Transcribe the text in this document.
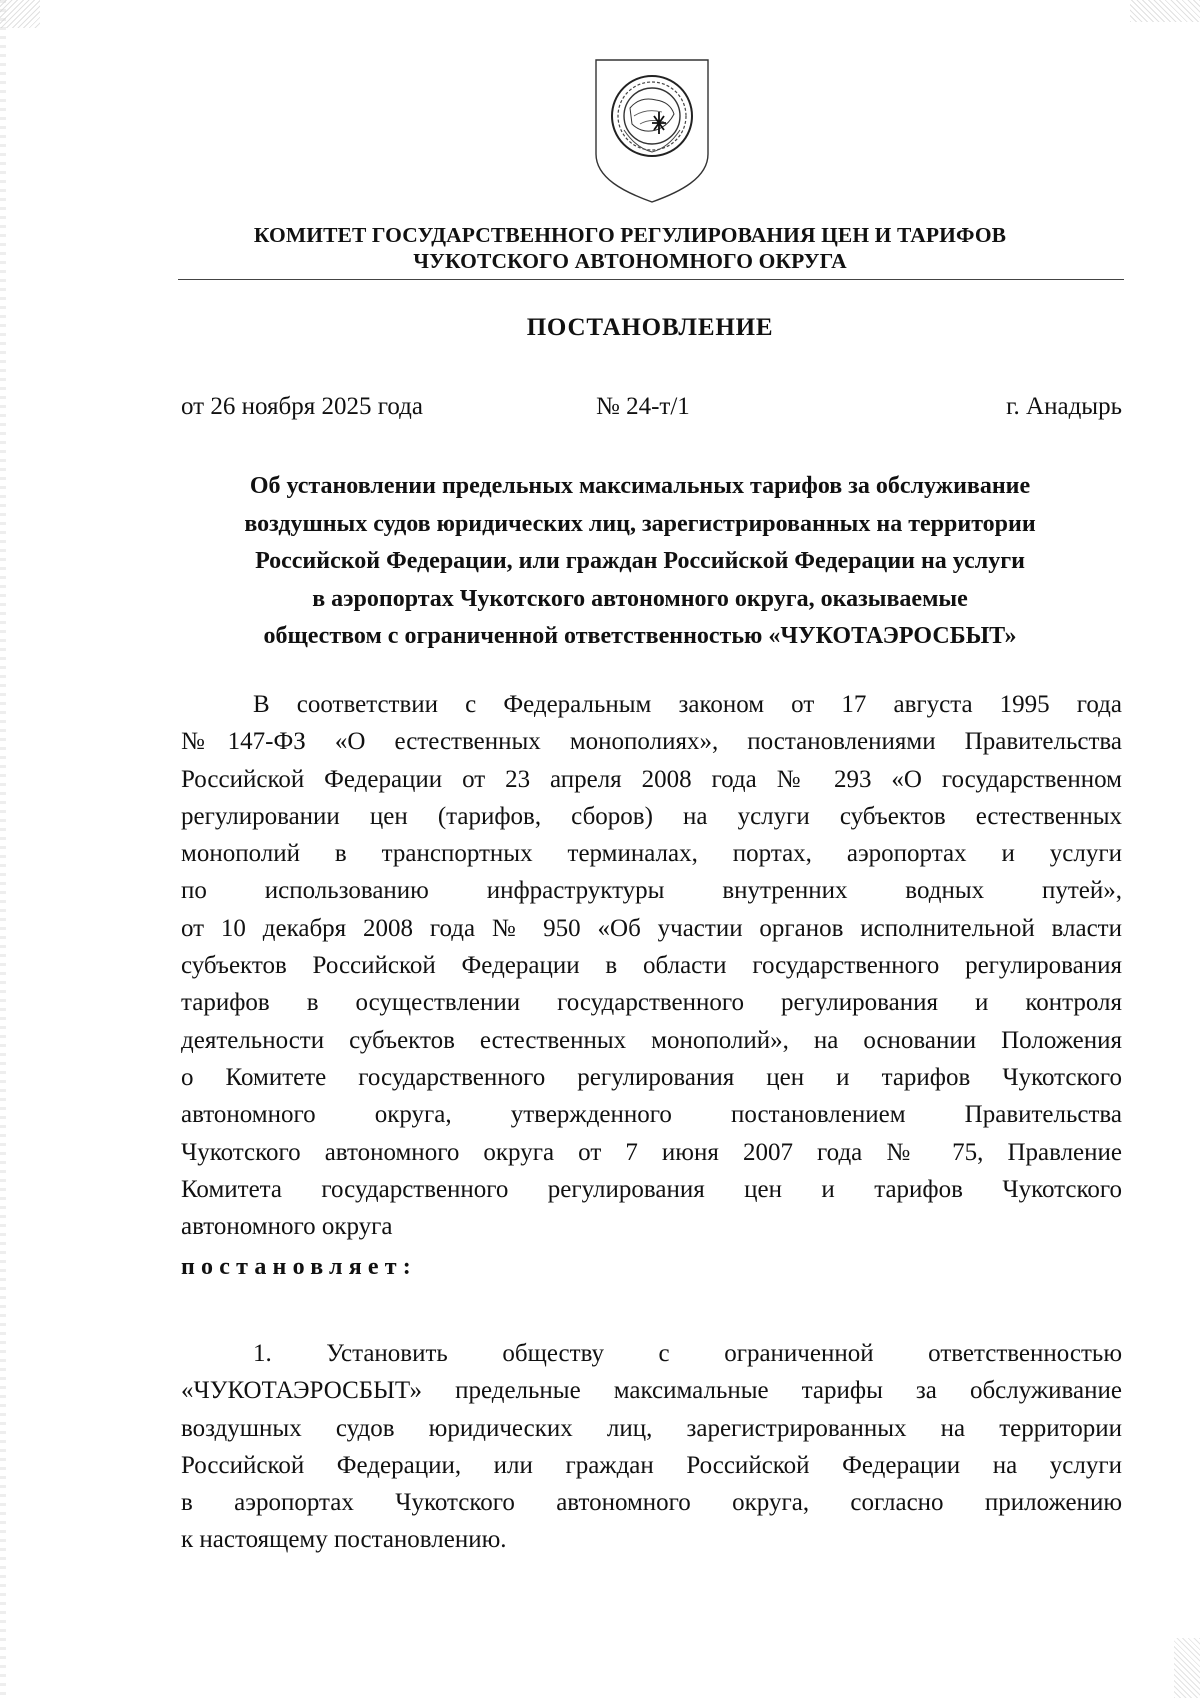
КОМИТЕТ ГОСУДАРСТВЕННОГО РЕГУЛИРОВАНИЯ ЦЕН И ТАРИФОВ
ЧУКОТСКОГО АВТОНОМНОГО ОКРУГА
ПОСТАНОВЛЕНИЕ
от 26 ноября 2025 года	№ 24-т/1	г. Анадырь
Об установлении предельных максимальных тарифов за обслуживание
воздушных судов юридических лиц, зарегистрированных на территории
Российской Федерации, или граждан Российской Федерации на услуги
в аэропортах Чукотского автономного округа, оказываемые
обществом с ограниченной ответственностью «ЧУКОТАЭРОСБЫТ»
В соответствии с Федеральным законом от 17 августа 1995 года
№147-ФЗ «О естественных монополиях», постановлениями Правительства
Российской Федерации от 23 апреля 2008 года № 293 «О государственном
регулировании цен (тарифов, сборов) на услуги субъектов естественных
монополий в транспортных терминалах, портах, аэропортах и услуги
по использованию инфраструктуры внутренних водных путей»,
от 10 декабря 2008 года № 950 «Об участии органов исполнительной власти
субъектов Российской Федерации в области государственного регулирования
тарифов в осуществлении государственного регулирования и контроля
деятельности субъектов естественных монополий», на основании Положения
о Комитете государственного регулирования цен и тарифов Чукотского
автономного округа, утвержденного постановлением Правительства
Чукотского автономного округа от 7 июня 2007 года № 75, Правление
Комитета государственного регулирования цен и тарифов Чукотского
автономного округа
постановляет:
1. Установить обществу с ограниченной ответственностью
«ЧУКОТАЭРОСБЫТ» предельные максимальные тарифы за обслуживание
воздушных судов юридических лиц, зарегистрированных на территории
Российской Федерации, или граждан Российской Федерации на услуги
в аэропортах Чукотского автономного округа, согласно приложению
к настоящему постановлению.
